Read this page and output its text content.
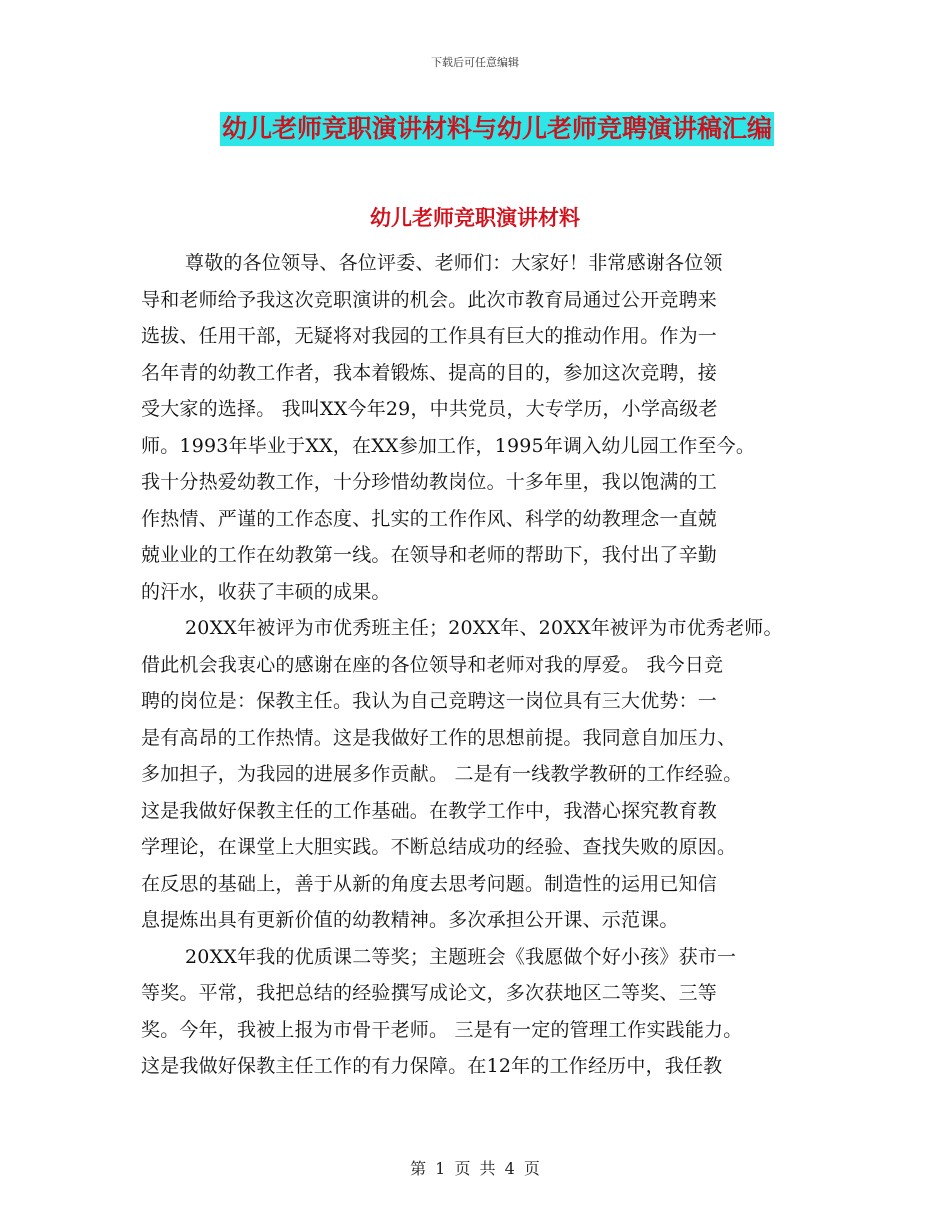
下载后可任意编辑
幼儿老师竞职演讲材料与幼儿老师竞聘演讲稿汇编
幼儿老师竞职演讲材料
尊敬的各位领导、各位评委、老师们：大家好！非常感谢各位领
导和老师给予我这次竞职演讲的机会。此次市教育局通过公开竞聘来
选拔、任用干部，无疑将对我园的工作具有巨大的推动作用。作为一
名年青的幼教工作者，我本着锻炼、提高的目的，参加这次竞聘，接
受大家的选择。 我叫XX今年29，中共党员，大专学历，小学高级老
师。1993年毕业于XX，在XX参加工作，1995年调入幼儿园工作至今。
我十分热爱幼教工作，十分珍惜幼教岗位。十多年里，我以饱满的工
作热情、严谨的工作态度、扎实的工作作风、科学的幼教理念一直兢
兢业业的工作在幼教第一线。在领导和老师的帮助下，我付出了辛勤
的汗水，收获了丰硕的成果。
20XX年被评为市优秀班主任；20XX年、20XX年被评为市优秀老师。
借此机会我衷心的感谢在座的各位领导和老师对我的厚爱。 我今日竞
聘的岗位是：保教主任。我认为自己竞聘这一岗位具有三大优势：一
是有高昂的工作热情。这是我做好工作的思想前提。我同意自加压力、
多加担子，为我园的进展多作贡献。 二是有一线教学教研的工作经验。
这是我做好保教主任的工作基础。在教学工作中，我潜心探究教育教
学理论，在课堂上大胆实践。不断总结成功的经验、查找失败的原因。
在反思的基础上，善于从新的角度去思考问题。制造性的运用已知信
息提炼出具有更新价值的幼教精神。多次承担公开课、示范课。
20XX年我的优质课二等奖；主题班会《我愿做个好小孩》获市一
等奖。平常，我把总结的经验撰写成论文，多次获地区二等奖、三等
奖。今年，我被上报为市骨干老师。 三是有一定的管理工作实践能力。
这是我做好保教主任工作的有力保障。在12年的工作经历中，我任教
第 1 页 共 4 页
